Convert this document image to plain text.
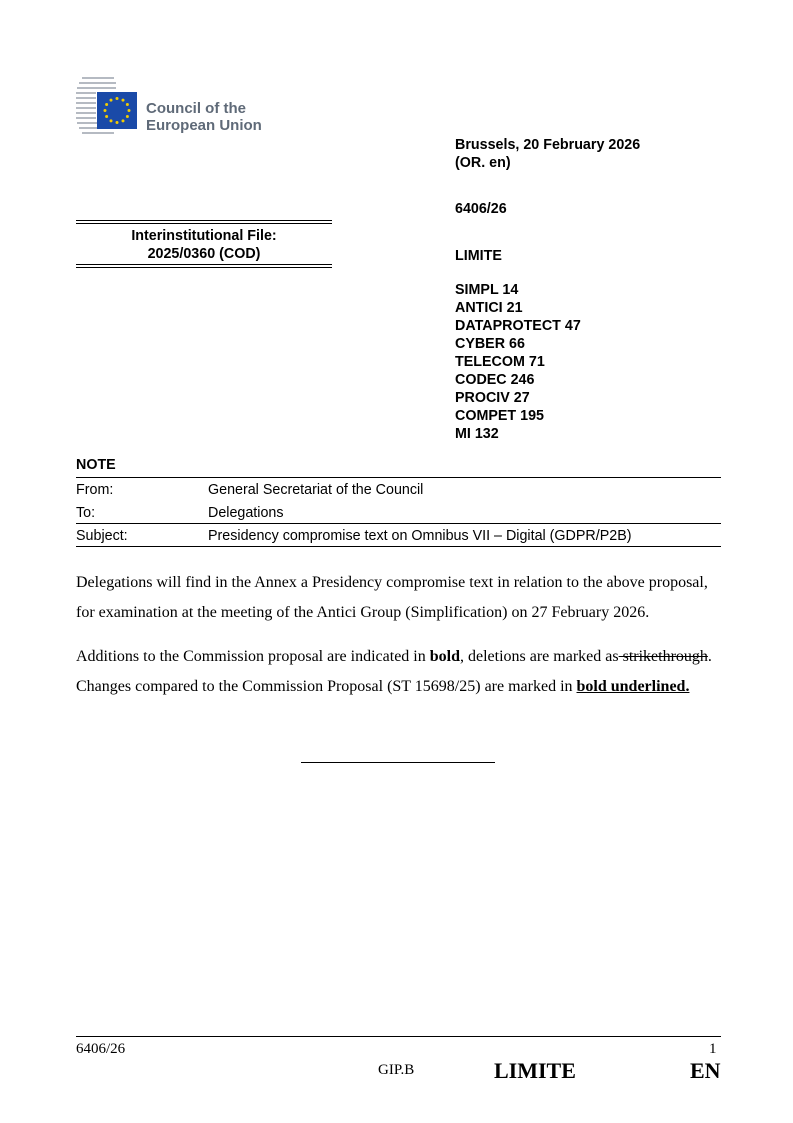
Council of the
European Union
Brussels, 20 February 2026
(OR. en)
6406/26
LIMITE
SIMPL 14
ANTICI 21
DATAPROTECT 47
CYBER 66
TELECOM 71
CODEC 246
PROCIV 27
COMPET 195
MI 132
Interinstitutional File:
2025/0360 (COD)
NOTE
From:	General Secretariat of the Council
To:	Delegations
Subject:	Presidency compromise text on Omnibus VII – Digital (GDPR/P2B)
Delegations will find in the Annex a Presidency compromise text in relation to the above proposal,
for examination at the meeting of the Antici Group (Simplification) on 27 February 2026.
Additions to the Commission proposal are indicated in bold, deletions are marked as strikethrough.
Changes compared to the Commission Proposal (ST 15698/25) are marked in bold underlined.
6406/26	1
GIP.B	LIMITE	EN
